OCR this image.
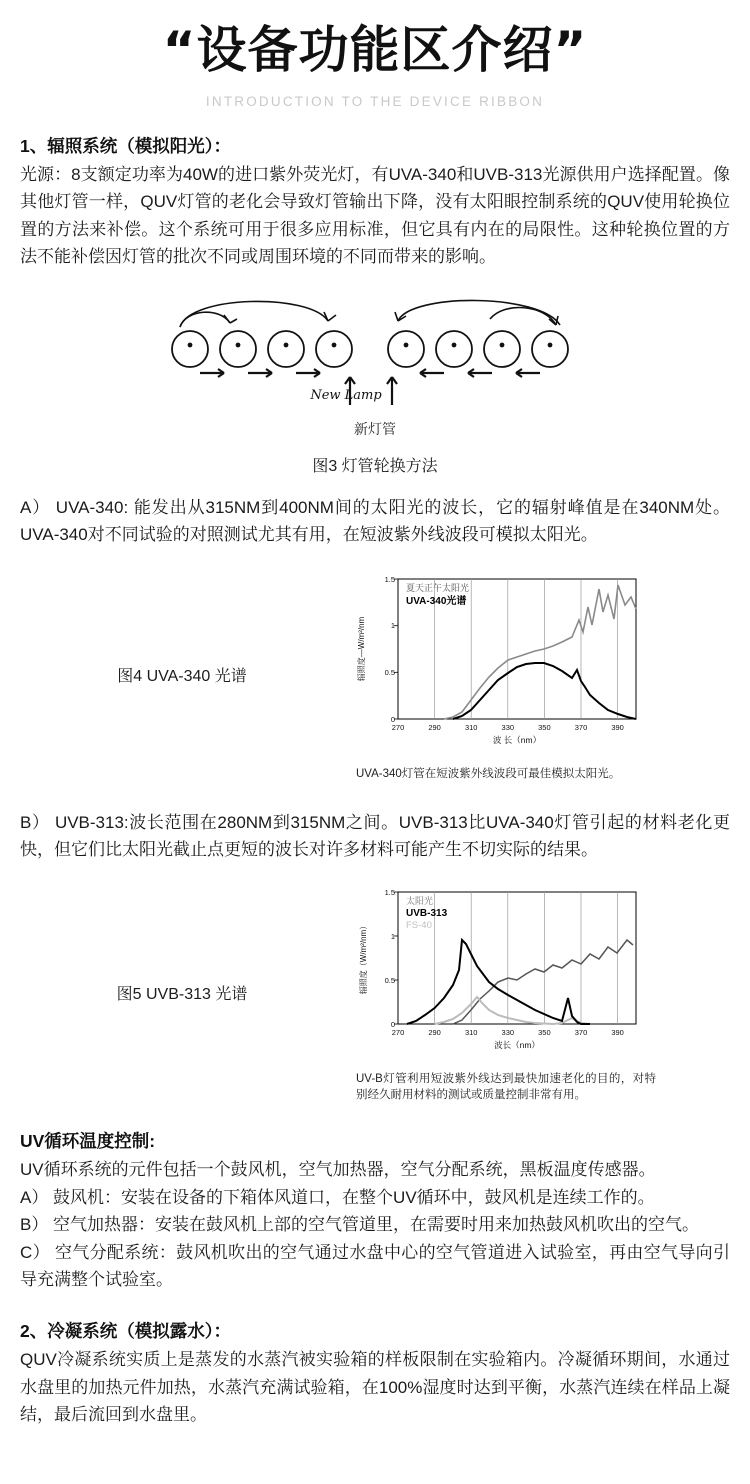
“设备功能区介绍”
INTRODUCTION TO THE DEVICE RIBBON
1、辐照系统（模拟阳光）：

光源：8支额定功率为40W的进口紫外荧光灯，有UVA-340和UVB-313光源供用户选择配置。像其他灯管一样，QUV灯管的老化会导致灯管输出下降，没有太阳眼控制系统的QUV使用轮换位置的方法来补偿。这个系统可用于很多应用标准，但它具有内在的局限性。这种轮换位置的方法不能补偿因灯管的批次不同或周围环境的不同而带来的影响。

New Lamp
新灯管
图3 灯管轮换方法

A） UVA-340: 能发出从315NM到400NM间的太阳光的波长，它的辐射峰值是在340NM处。UVA-340对不同试验的对照测试尤其有用，在短波紫外线波段可模拟太阳光。

图4 UVA-340 光谱
1.5
1
0.5
0
270	290	310	330	350	370	390
夏天正午太阳光
UVA-340光谱
辐照度—W/m²/nm
波 长（nm）

UVA-340灯管在短波紫外线波段可最佳模拟太阳光。

B） UVB-313:波长范围在280NM到315NM之间。UVB-313比UVA-340灯管引起的材料老化更快，但它们比太阳光截止点更短的波长对许多材料可能产生不切实际的结果。

图5 UVB-313 光谱
1.5
1
0.5
0
270	290	310	330	350	370	390
太阳光
UVB-313
FS-40
辐照度（W/m²/nm）
波长（nm）

UV-B灯管利用短波紫外线达到最快加速老化的目的，对特别经久耐用材料的测试或质量控制非常有用。

UV循环温度控制:

UV循环系统的元件包括一个鼓风机，空气加热器，空气分配系统，黑板温度传感器。

A） 鼓风机：安装在设备的下箱体风道口，在整个UV循环中，鼓风机是连续工作的。

B） 空气加热器：安装在鼓风机上部的空气管道里，在需要时用来加热鼓风机吹出的空气。

C） 空气分配系统：鼓风机吹出的空气通过水盘中心的空气管道进入试验室，再由空气导向引导充满整个试验室。

2、冷凝系统（模拟露水）：

QUV冷凝系统实质上是蒸发的水蒸汽被实验箱的样板限制在实验箱内。冷凝循环期间，水通过水盘里的加热元件加热，水蒸汽充满试验箱，在100%湿度时达到平衡，水蒸汽连续在样品上凝结，最后流回到水盘里。
